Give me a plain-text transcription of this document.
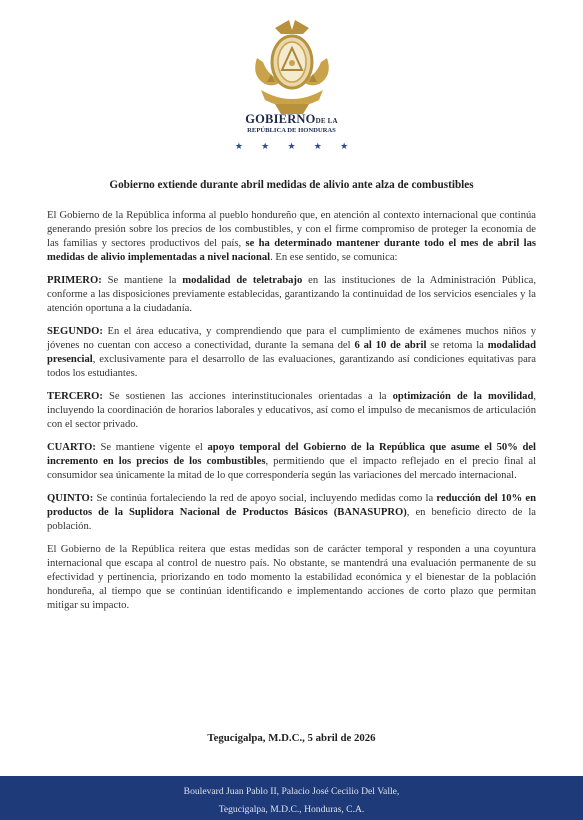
GOBIERNODE LA
REPÚBLICA DE HONDURAS
★ ★ ★ ★ ★
Gobierno extiende durante abril medidas de alivio ante alza de combustibles

El Gobierno de la República informa al pueblo hondureño que, en atención al contexto internacional que continúa generando presión sobre los precios de los combustibles, y con el firme compromiso de proteger la economía de las familias y sectores productivos del país, se ha determinado mantener durante todo el mes de abril las medidas de alivio implementadas a nivel nacional. En ese sentido, se comunica:

PRIMERO: Se mantiene la modalidad de teletrabajo en las instituciones de la Administración Pública, conforme a las disposiciones previamente establecidas, garantizando la continuidad de los servicios esenciales y la atención oportuna a la ciudadanía.

SEGUNDO: En el área educativa, y comprendiendo que para el cumplimiento de exámenes muchos niños y jóvenes no cuentan con acceso a conectividad, durante la semana del 6 al 10 de abril se retoma la modalidad presencial, exclusivamente para el desarrollo de las evaluaciones, garantizando así condiciones equitativas para todos los estudiantes.

TERCERO: Se sostienen las acciones interinstitucionales orientadas a la optimización de la movilidad, incluyendo la coordinación de horarios laborales y educativos, así como el impulso de mecanismos de articulación con el sector privado.

CUARTO: Se mantiene vigente el apoyo temporal del Gobierno de la República que asume el 50% del incremento en los precios de los combustibles, permitiendo que el impacto reflejado en el precio final al consumidor sea únicamente la mitad de lo que correspondería según las variaciones del mercado internacional.

QUINTO: Se continúa fortaleciendo la red de apoyo social, incluyendo medidas como la reducción del 10% en productos de la Suplidora Nacional de Productos Básicos (BANASUPRO), en beneficio directo de la población.

El Gobierno de la República reitera que estas medidas son de carácter temporal y responden a una coyuntura internacional que escapa al control de nuestro país. No obstante, se mantendrá una evaluación permanente de su efectividad y pertinencia, priorizando en todo momento la estabilidad económica y el bienestar de la población hondureña, al tiempo que se continúan identificando e implementando acciones de corto plazo que permitan mitigar su impacto.

Tegucigalpa, M.D.C., 5 abril de 2026
Boulevard Juan Pablo II, Palacio José Cecilio Del Valle,
Tegucigalpa, M.D.C., Honduras, C.A.
